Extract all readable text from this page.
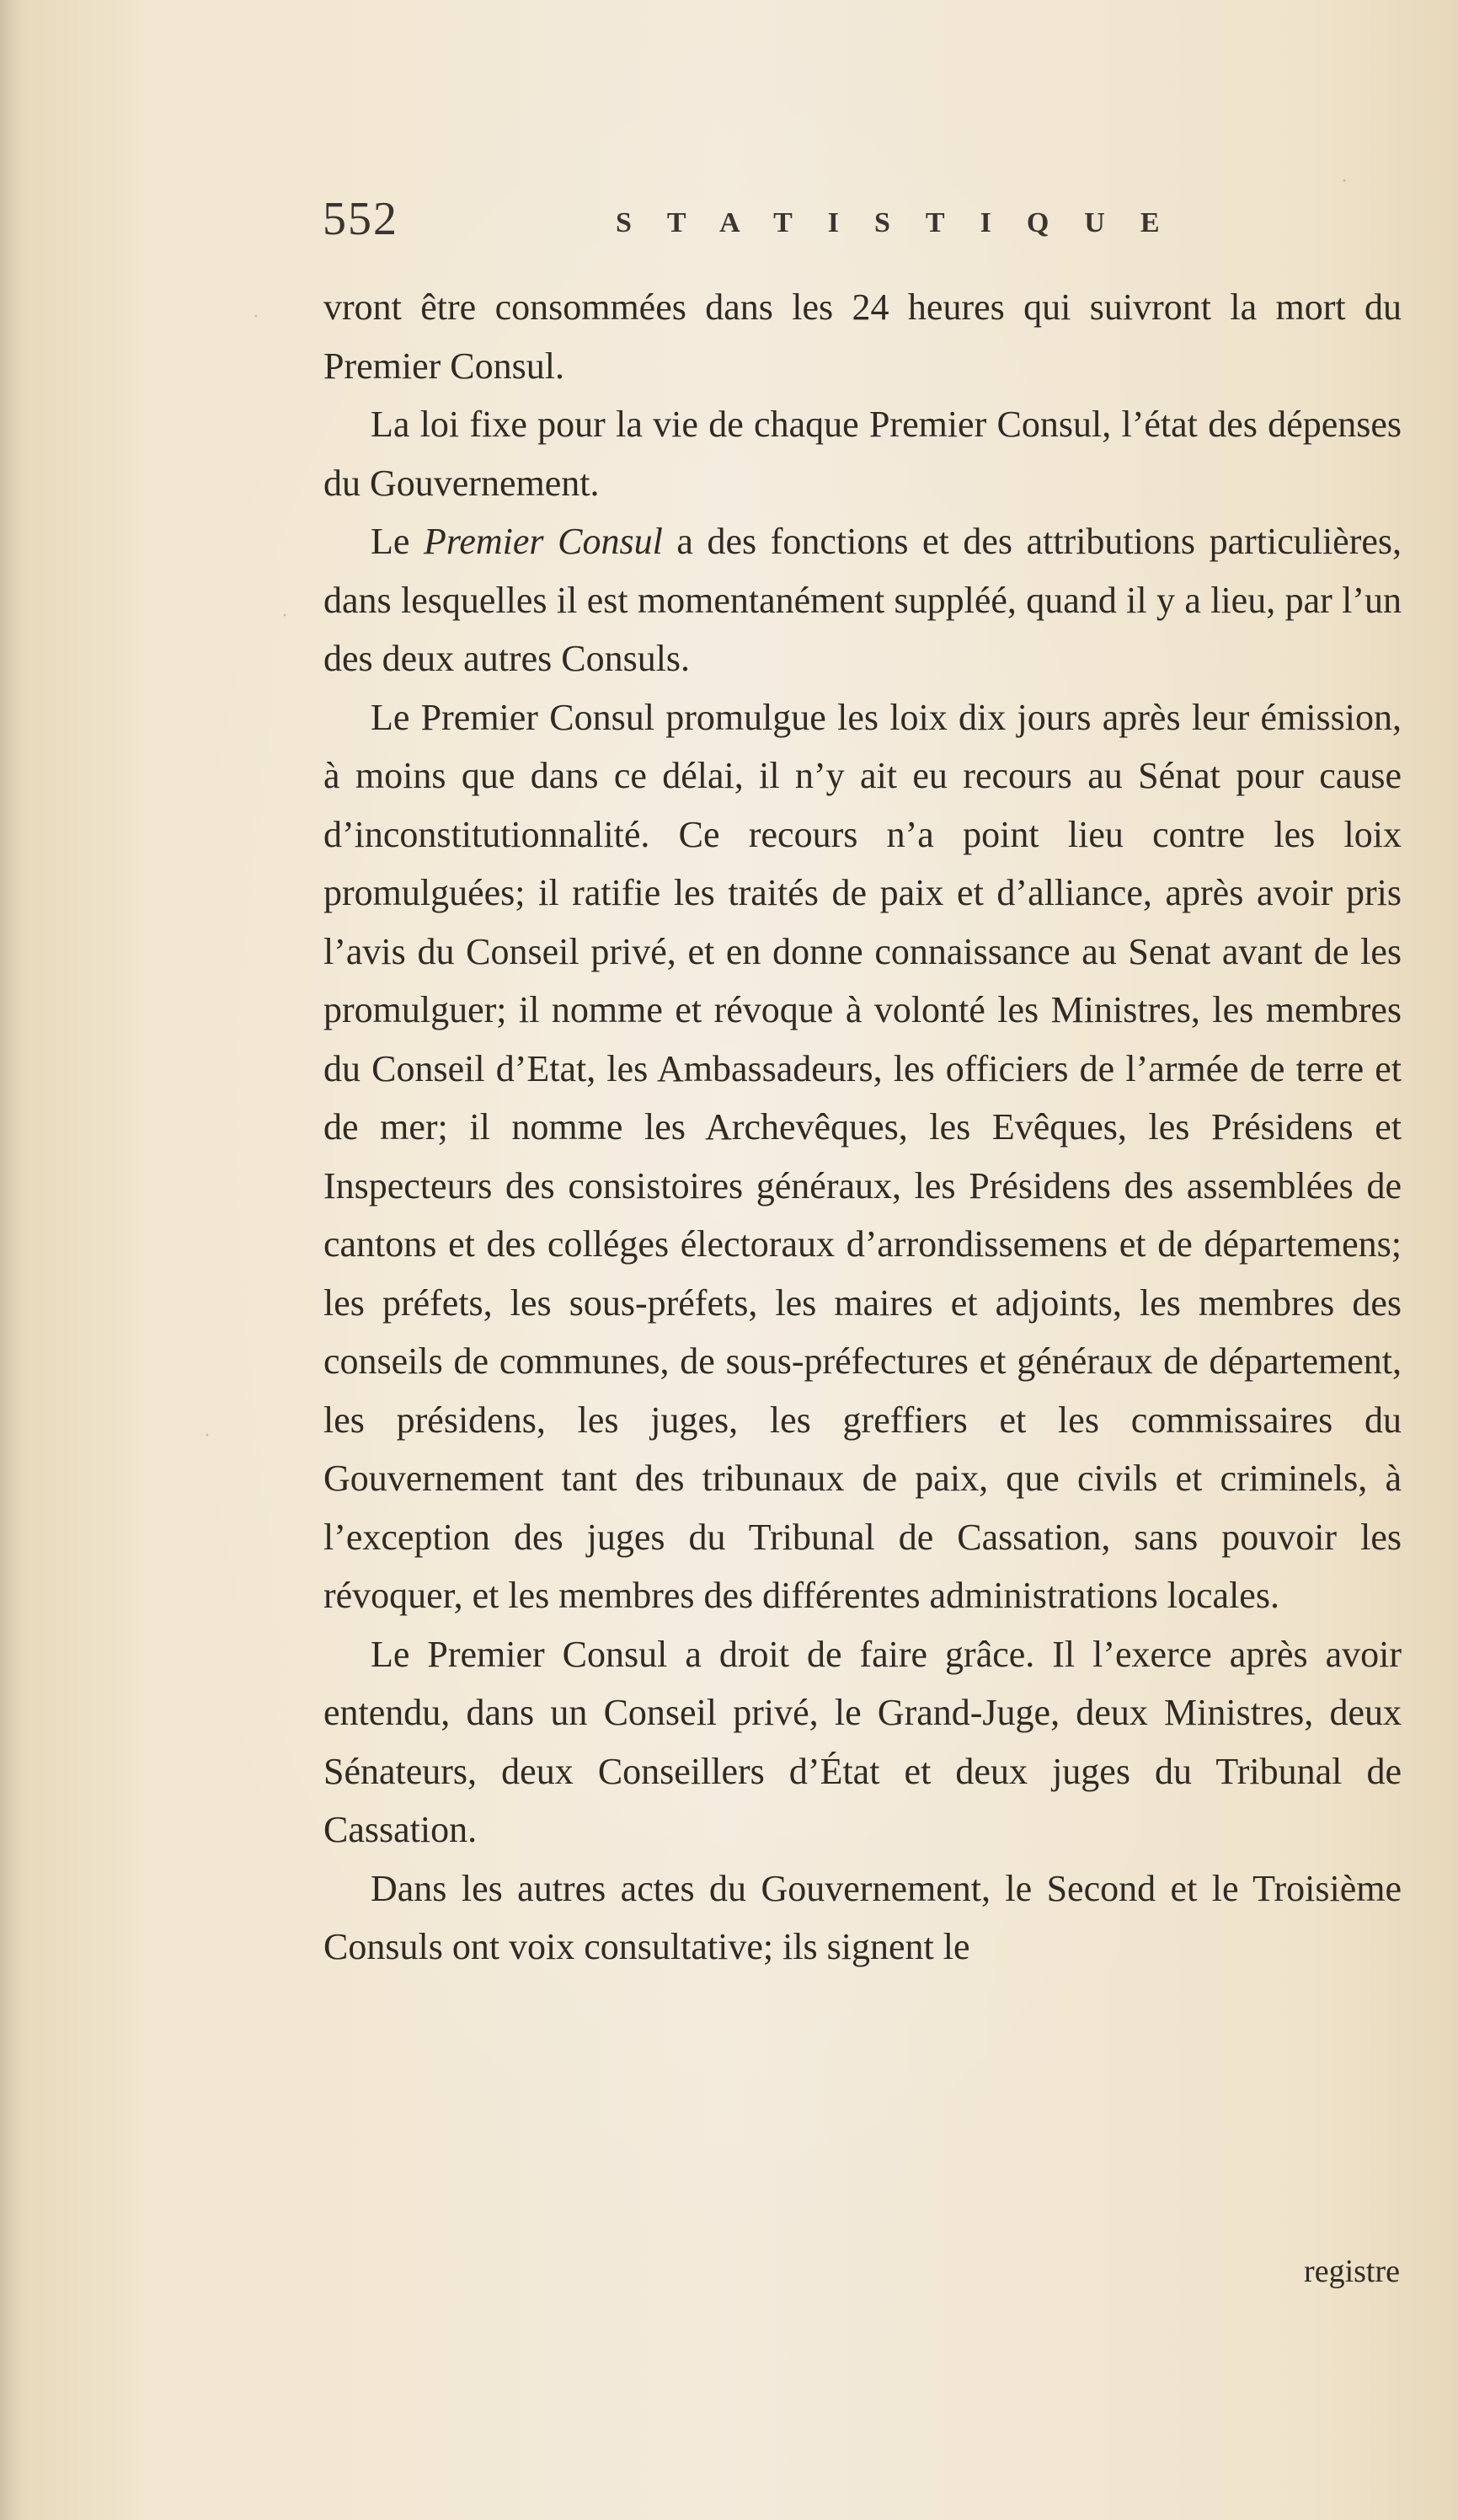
552	STATISTIQUE

vront être consommées dans les 24 heures qui suivront la mort du Premier Consul.

La loi fixe pour la vie de chaque Premier Consul, l’état des dépenses du Gouvernement.

Le Premier Consul a des fonctions et des attributions particulières, dans lesquelles il est momentanément suppléé, quand il y a lieu, par l’un des deux autres Consuls.

Le Premier Consul promulgue les loix dix jours après leur émission, à moins que dans ce délai, il n’y ait eu recours au Sénat pour cause d’inconstitutionnalité. Ce recours n’a point lieu contre les loix promulguées; il ratifie les traités de paix et d’alliance, après avoir pris l’avis du Conseil privé, et en donne connaissance au Senat avant de les promulguer; il nomme et révoque à volonté les Ministres, les membres du Conseil d’Etat, les Ambassadeurs, les officiers de l’armée de terre et de mer; il nomme les Archevêques, les Evêques, les Présidens et Inspecteurs des consistoires généraux, les Présidens des assemblées de cantons et des colléges électoraux d’arrondissemens et de départemens; les préfets, les sous-préfets, les maires et adjoints, les membres des conseils de communes, de sous-préfectures et généraux de département, les présidens, les juges, les greffiers et les commissaires du Gouvernement tant des tribunaux de paix, que civils et criminels, à l’exception des juges du Tribunal de Cassation, sans pouvoir les révoquer, et les membres des différentes administrations locales.

Le Premier Consul a droit de faire grâce. Il l’exerce après avoir entendu, dans un Conseil privé, le Grand-Juge, deux Ministres, deux Sénateurs, deux Conseillers d’État et deux juges du Tribunal de Cassation.

Dans les autres actes du Gouvernement, le Second et le Troisième Consuls ont voix consultative; ils signent le

registre
·
·
·
·
